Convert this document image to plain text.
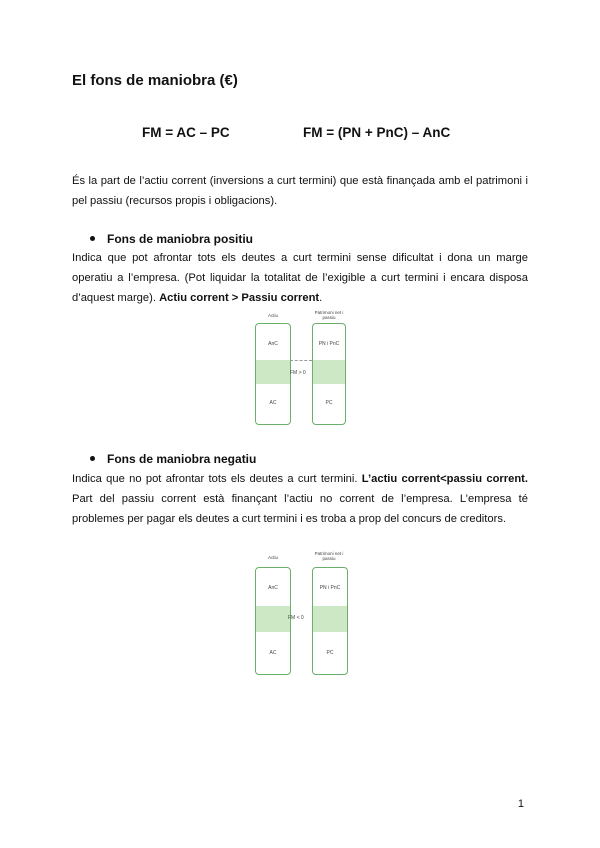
El fons de maniobra (€)
FM = AC – PC	FM = (PN + PnC) – AnC

És la part de l’actiu corrent (inversions a curt termini) que està finançada amb el patrimoni i pel passiu (recursos propis i obligacions).

Fons de maniobra positiu

Indica que pot afrontar tots els deutes a curt termini sense dificultat i dona un marge operatiu a l’empresa. (Pot liquidar la totalitat de l’exigible a curt termini i encara disposa d’aquest marge). Actiu corrent > Passiu corrent.

Actiu
Patrimoni net i passiu
AnC
AC
PN i PnC
PC
FM > 0
Fons de maniobra negatiu

Indica que no pot afrontar tots els deutes a curt termini. L’actiu corrent<passiu corrent. Part del passiu corrent està finançant l’actiu no corrent de l’empresa. L’empresa té problemes per pagar els deutes a curt termini i es troba a prop del concurs de creditors.

Actiu
Patrimoni net i passiu
AnC
AC
PN i PnC
PC
FM < 0
1
